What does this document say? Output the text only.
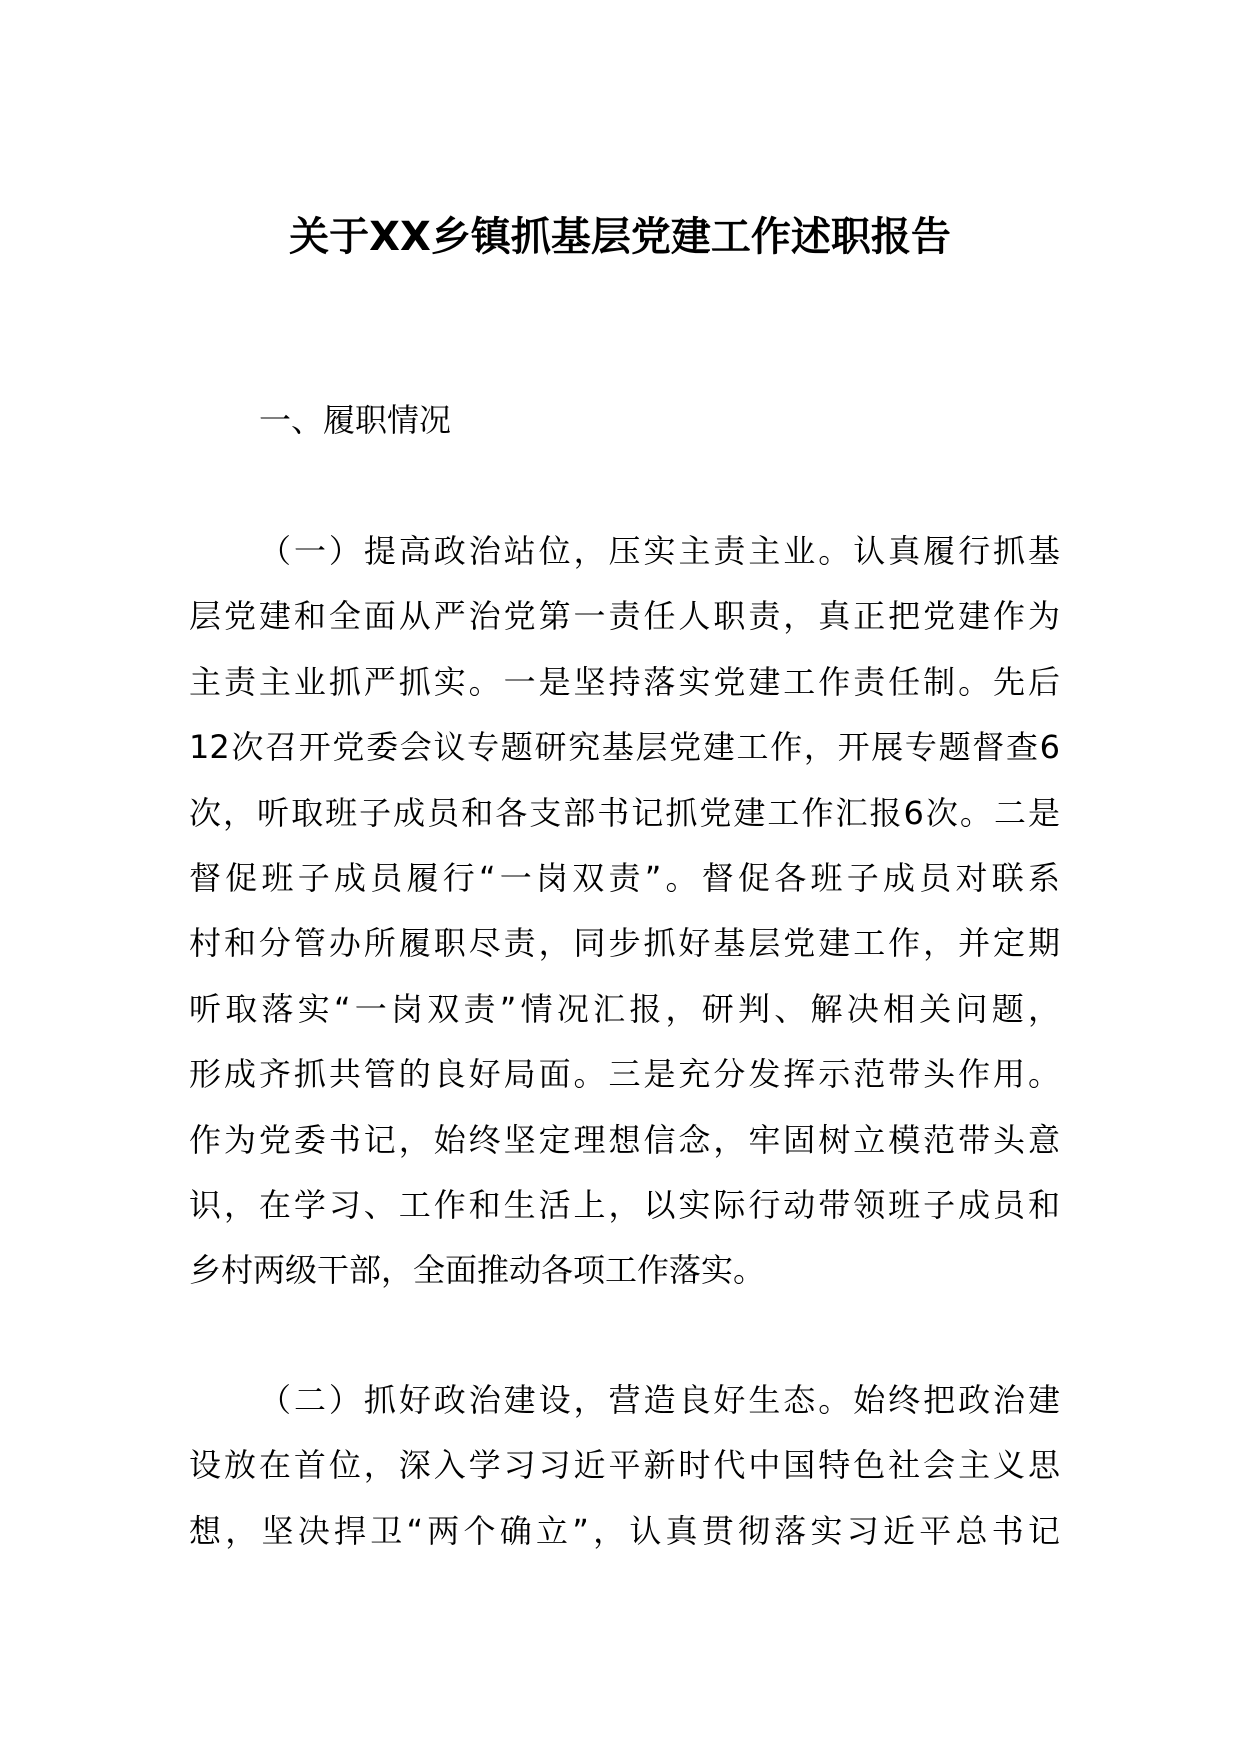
关于XX乡镇抓基层党建工作述职报告
一、履职情况
（一）提高政治站位，压实主责主业。认真履行抓基
层党建和全面从严治党第一责任人职责，真正把党建作为
主责主业抓严抓实。一是坚持落实党建工作责任制。先后
12次召开党委会议专题研究基层党建工作，开展专题督查6
次，听取班子成员和各支部书记抓党建工作汇报6次。二是
督促班子成员履行“一岗双责”。督促各班子成员对联系
村和分管办所履职尽责，同步抓好基层党建工作，并定期
听取落实“一岗双责”情况汇报，研判、解决相关问题，
形成齐抓共管的良好局面。三是充分发挥示范带头作用。
作为党委书记，始终坚定理想信念，牢固树立模范带头意
识，在学习、工作和生活上，以实际行动带领班子成员和
乡村两级干部，全面推动各项工作落实。
（二）抓好政治建设，营造良好生态。始终把政治建
设放在首位，深入学习习近平新时代中国特色社会主义思
想，坚决捍卫“两个确立”，认真贯彻落实习近平总书记
